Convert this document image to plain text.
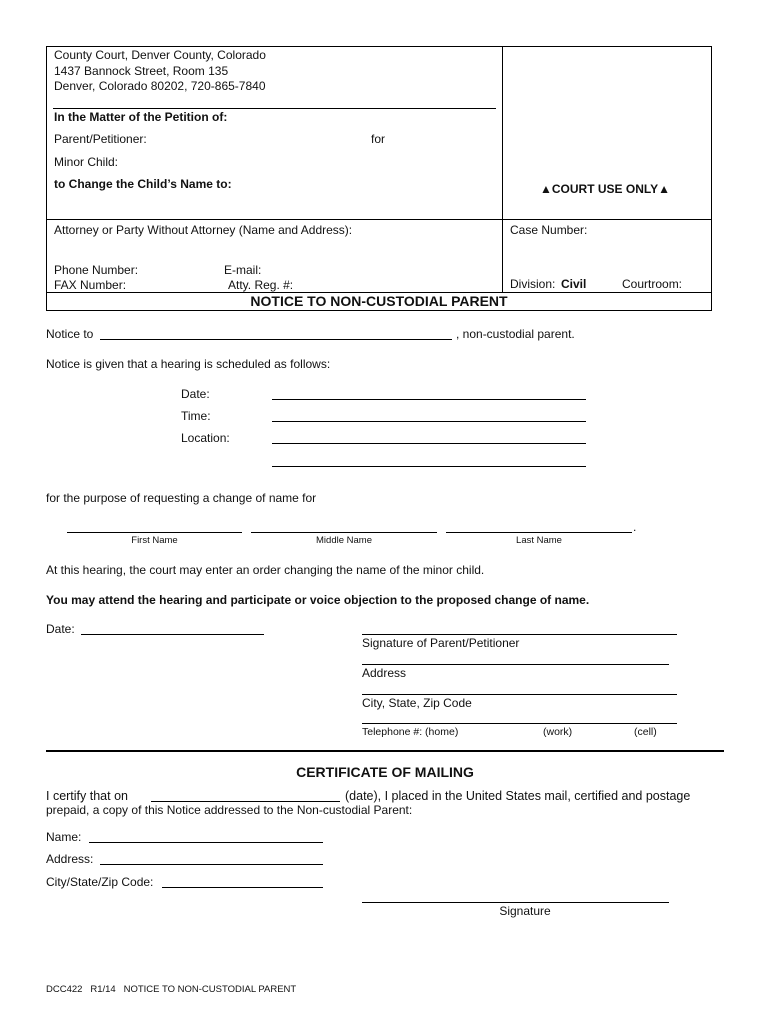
County Court, Denver County, Colorado
1437 Bannock Street, Room 135
Denver, Colorado 80202, 720-865-7840
In the Matter of the Petition of:
Parent/Petitioner:	for
Minor Child:
to Change the Child’s Name to:	▲COURT USE ONLY▲
Attorney or Party Without Attorney (Name and Address):
Phone Number:	E-mail:
FAX Number:	Atty. Reg. #:
Case Number:
Division: Civil	Courtroom:
NOTICE TO NON-CUSTODIAL PARENT
Notice to	, non-custodial parent.
Notice is given that a hearing is scheduled as follows:
Date:
Time:
Location:
for the purpose of requesting a change of name for
.
First Name	Middle Name	Last Name
At this hearing, the court may enter an order changing the name of the minor child.
You may attend the hearing and participate or voice objection to the proposed change of name.
Date:
Signature of Parent/Petitioner
Address
City, State, Zip Code
Telephone #: (home)	(work)	(cell)
CERTIFICATE OF MAILING
I certify that on	(date), I placed in the United States mail, certified and postage
prepaid, a copy of this Notice addressed to the Non-custodial Parent:
Name:
Address:
City/State/Zip Code:
Signature
DCC422   R1/14   NOTICE TO NON-CUSTODIAL PARENT
